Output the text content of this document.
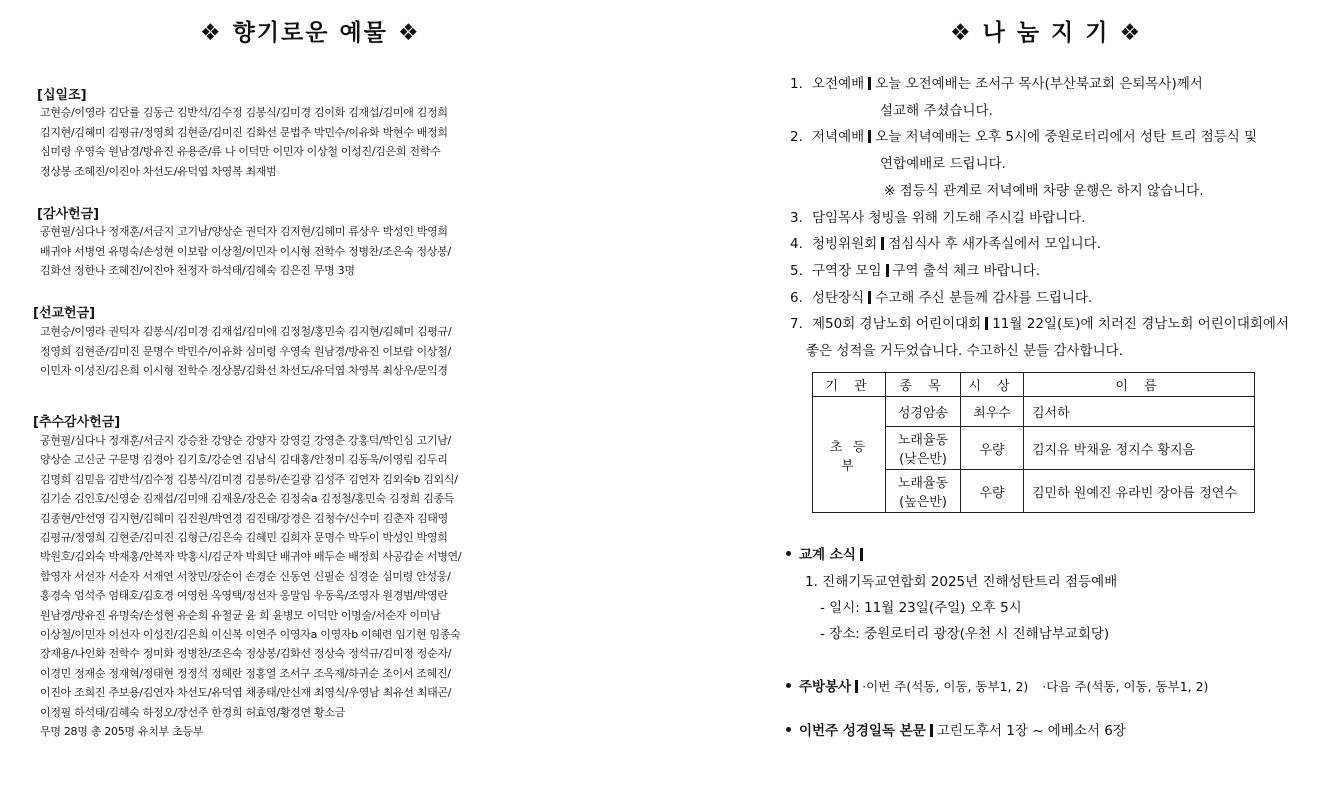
❖ 향기로운 예물 ❖
[십일조]
고현승/이영라 김단률 김동근 김반석/김수정 김봉식/김미경 김이화 김재섭/김미애 김정희
김지현/김혜미 김평규/정영희 김현준/김미진 김화선 문법주 박민수/이유화 박현수 배정희
심미령 우영숙 원남경/방유진 유용준/류 나 이덕만 이민자 이상철 이성진/김은희 전학수
정상봉 조혜진/이진아 차선도/유덕엽 차영복 최재범
[감사헌금]
공현필/심다나 정재훈/서금지 고기남/양상순 권덕자 김지현/김혜미 류상우 박성인 박영희
배귀야 서병연 유명숙/손성현 이보람 이상철/이민자 이시형 전학수 정병찬/조은숙 정상봉/
김화선 정한나 조혜진/이진아 천정자 하석태/김혜숙 김은진 무명 3명
[선교헌금]
고현승/이영라 권덕자 김봉식/김미경 김재섭/김미애 김정철/홍민숙 김지현/김혜미 김평규/
정영희 김현준/김미진 문명수 박민수/이유화 심미령 우영숙 원남경/방유진 이보람 이상철/
이민자 이성진/김은희 이시형 전학수 정상봉/김화선 차선도/유덕엽 차영복 최상우/문익경
[추수감사헌금]
공현필/심다나 정재훈/서금지 강승찬 강양순 강양자 강영길 강영춘 강홍덕/박인심 고기남/
양상순 고신군 구문명 김경아 김기호/강순연 김남식 김대홍/안정미 김동욱/이영림 김두리
김명희 김믿음 김반석/김수정 김봉식/김미경 김봉하/손길광 김성주 김연자 김외숙b 김외식/
김기순 김인호/신영순 김재섭/김미애 김재운/장은순 김정숙a 김정철/홍민숙 김정희 김종득
김종현/안선영 김지현/김혜미 김진원/박연경 김진태/강경은 김청수/신수미 김춘자 김태영
김평규/정영희 김현준/김미진 김형근/김은숙 김혜민 김희자 문명수 박두이 박성인 박영희
박원호/김외숙 박재홍/안복자 박홍시/김군자 박희단 배귀야 배두순 배정희 사공갑순 서병연/
함영자 서선자 서순자 서재연 서창민/장순이 손경순 신동연 신필순 심경순 심미령 안성웅/
홍경숙 엄석주 엄태호/김호경 여영헌 옥영택/정선자 옹말임 우동옥/조영자 원경범/박영란
원남경/방유진 유명숙/손성현 유순희 유철균 윤 희 윤병모 이덕만 이명술/서순자 이미남
이상철/이민자 이선자 이성진/김은희 이신복 이연주 이영자a 이영자b 이혜련 임기현 임종숙
장재용/나인화 전학수 정미화 정병찬/조은숙 정상봉/김화선 정상숙 정석규/김미정 정순자/
이경민 정재순 정재혁/정태현 정정석 정혜란 정홍열 조서구 조옥재/하귀순 조이서 조혜진/
이진아 조희진 주보용/김연자 차선도/유덕엽 채종태/안신재 최영식/우영남 최유선 최태곤/
이정필 하석태/김혜숙 하정오/장선주 한경희 허효영/황경연 황소금
무명 28명 총 205명 유치부 초등부
❖나눔지기❖
1. 오전예배 오늘 오전예배는 조서구 목사(부산북교회 은퇴목사)께서
설교해 주셨습니다.
2. 저녁예배 오늘 저녁예배는 오후 5시에 중원로터리에서 성탄 트리 점등식 및
연합예배로 드립니다.
※ 점등식 관계로 저녁예배 차량 운행은 하지 않습니다.
3. 담임목사 청빙을 위해 기도해 주시길 바랍니다.
4. 청빙위원회 점심식사 후 새가족실에서 모입니다.
5. 구역장 모임 구역 출석 체크 바랍니다.
6. 성탄장식 수고해 주신 분들께 감사를 드립니다.
7. 제50회 경남노회 어린이대회 11월 22일(토)에 치러진 경남노회 어린이대회에서
좋은 성적을 거두었습니다. 수고하신 분들 감사합니다.
기 관	종 목	시 상	이 름
초 등 부	성경암송	최우수	김서하
	노래율동
(낮은반)	우량	김지유 박채윤 정지수 황지음
	노래율동
(높은반)	우량	김민하 원예진 유라빈 장아름 정연수
교계 소식
1. 진해기독교연합회 2025년 진해성탄트리 점등예배
- 일시: 11월 23일(주일) 오후 5시
- 장소: 중원로터리 광장(우천 시 진해남부교회당)
주방봉사 ·이번 주(석동, 이동, 동부1, 2) ·다음 주(석동, 이동, 동부1, 2)
이번주 성경일독 본문 고린도후서 1장 ~ 에베소서 6장
